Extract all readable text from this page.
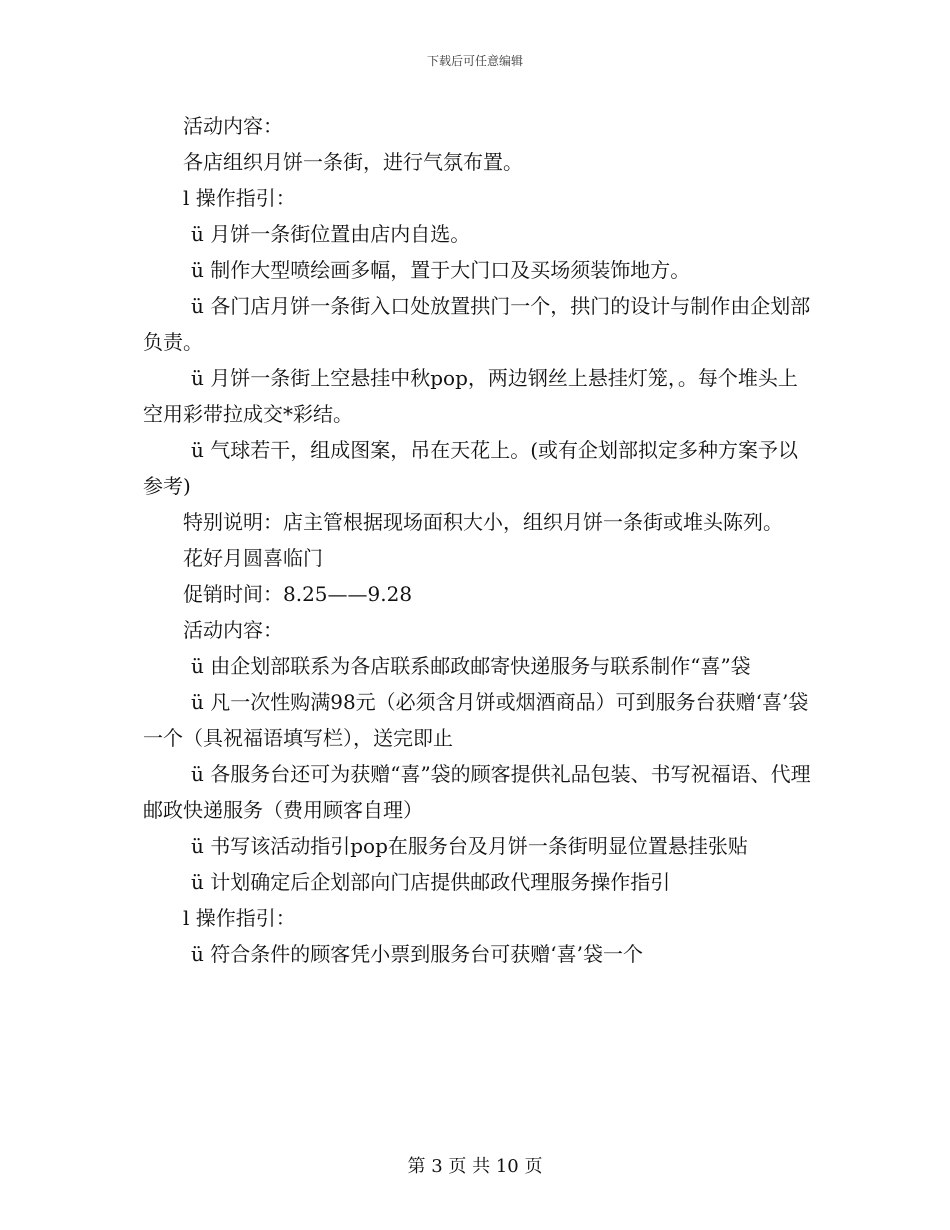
下载后可任意编辑

活动内容：

各店组织月饼一条街，进行气氛布置。

l 操作指引：

ü 月饼一条街位置由店内自选。

ü 制作大型喷绘画多幅，置于大门口及买场须装饰地方。

ü 各门店月饼一条街入口处放置拱门一个，拱门的设计与制作由企划部负责。

ü 月饼一条街上空悬挂中秋pop，两边钢丝上悬挂灯笼，。每个堆头上空用彩带拉成交*彩结。

ü 气球若干，组成图案，吊在天花上。(或有企划部拟定多种方案予以参考)

特别说明：店主管根据现场面积大小，组织月饼一条街或堆头陈列。

花好月圆喜临门

促销时间：8.25——9.28

活动内容：

ü 由企划部联系为各店联系邮政邮寄快递服务与联系制作“喜”袋

ü 凡一次性购满98元（必须含月饼或烟酒商品）可到服务台获赠‘喜’袋一个（具祝福语填写栏），送完即止

ü 各服务台还可为获赠“喜”袋的顾客提供礼品包装、书写祝福语、代理邮政快递服务（费用顾客自理）

ü 书写该活动指引pop在服务台及月饼一条街明显位置悬挂张贴

ü 计划确定后企划部向门店提供邮政代理服务操作指引

l 操作指引：

ü 符合条件的顾客凭小票到服务台可获赠‘喜’袋一个

第 3 页 共 10 页
